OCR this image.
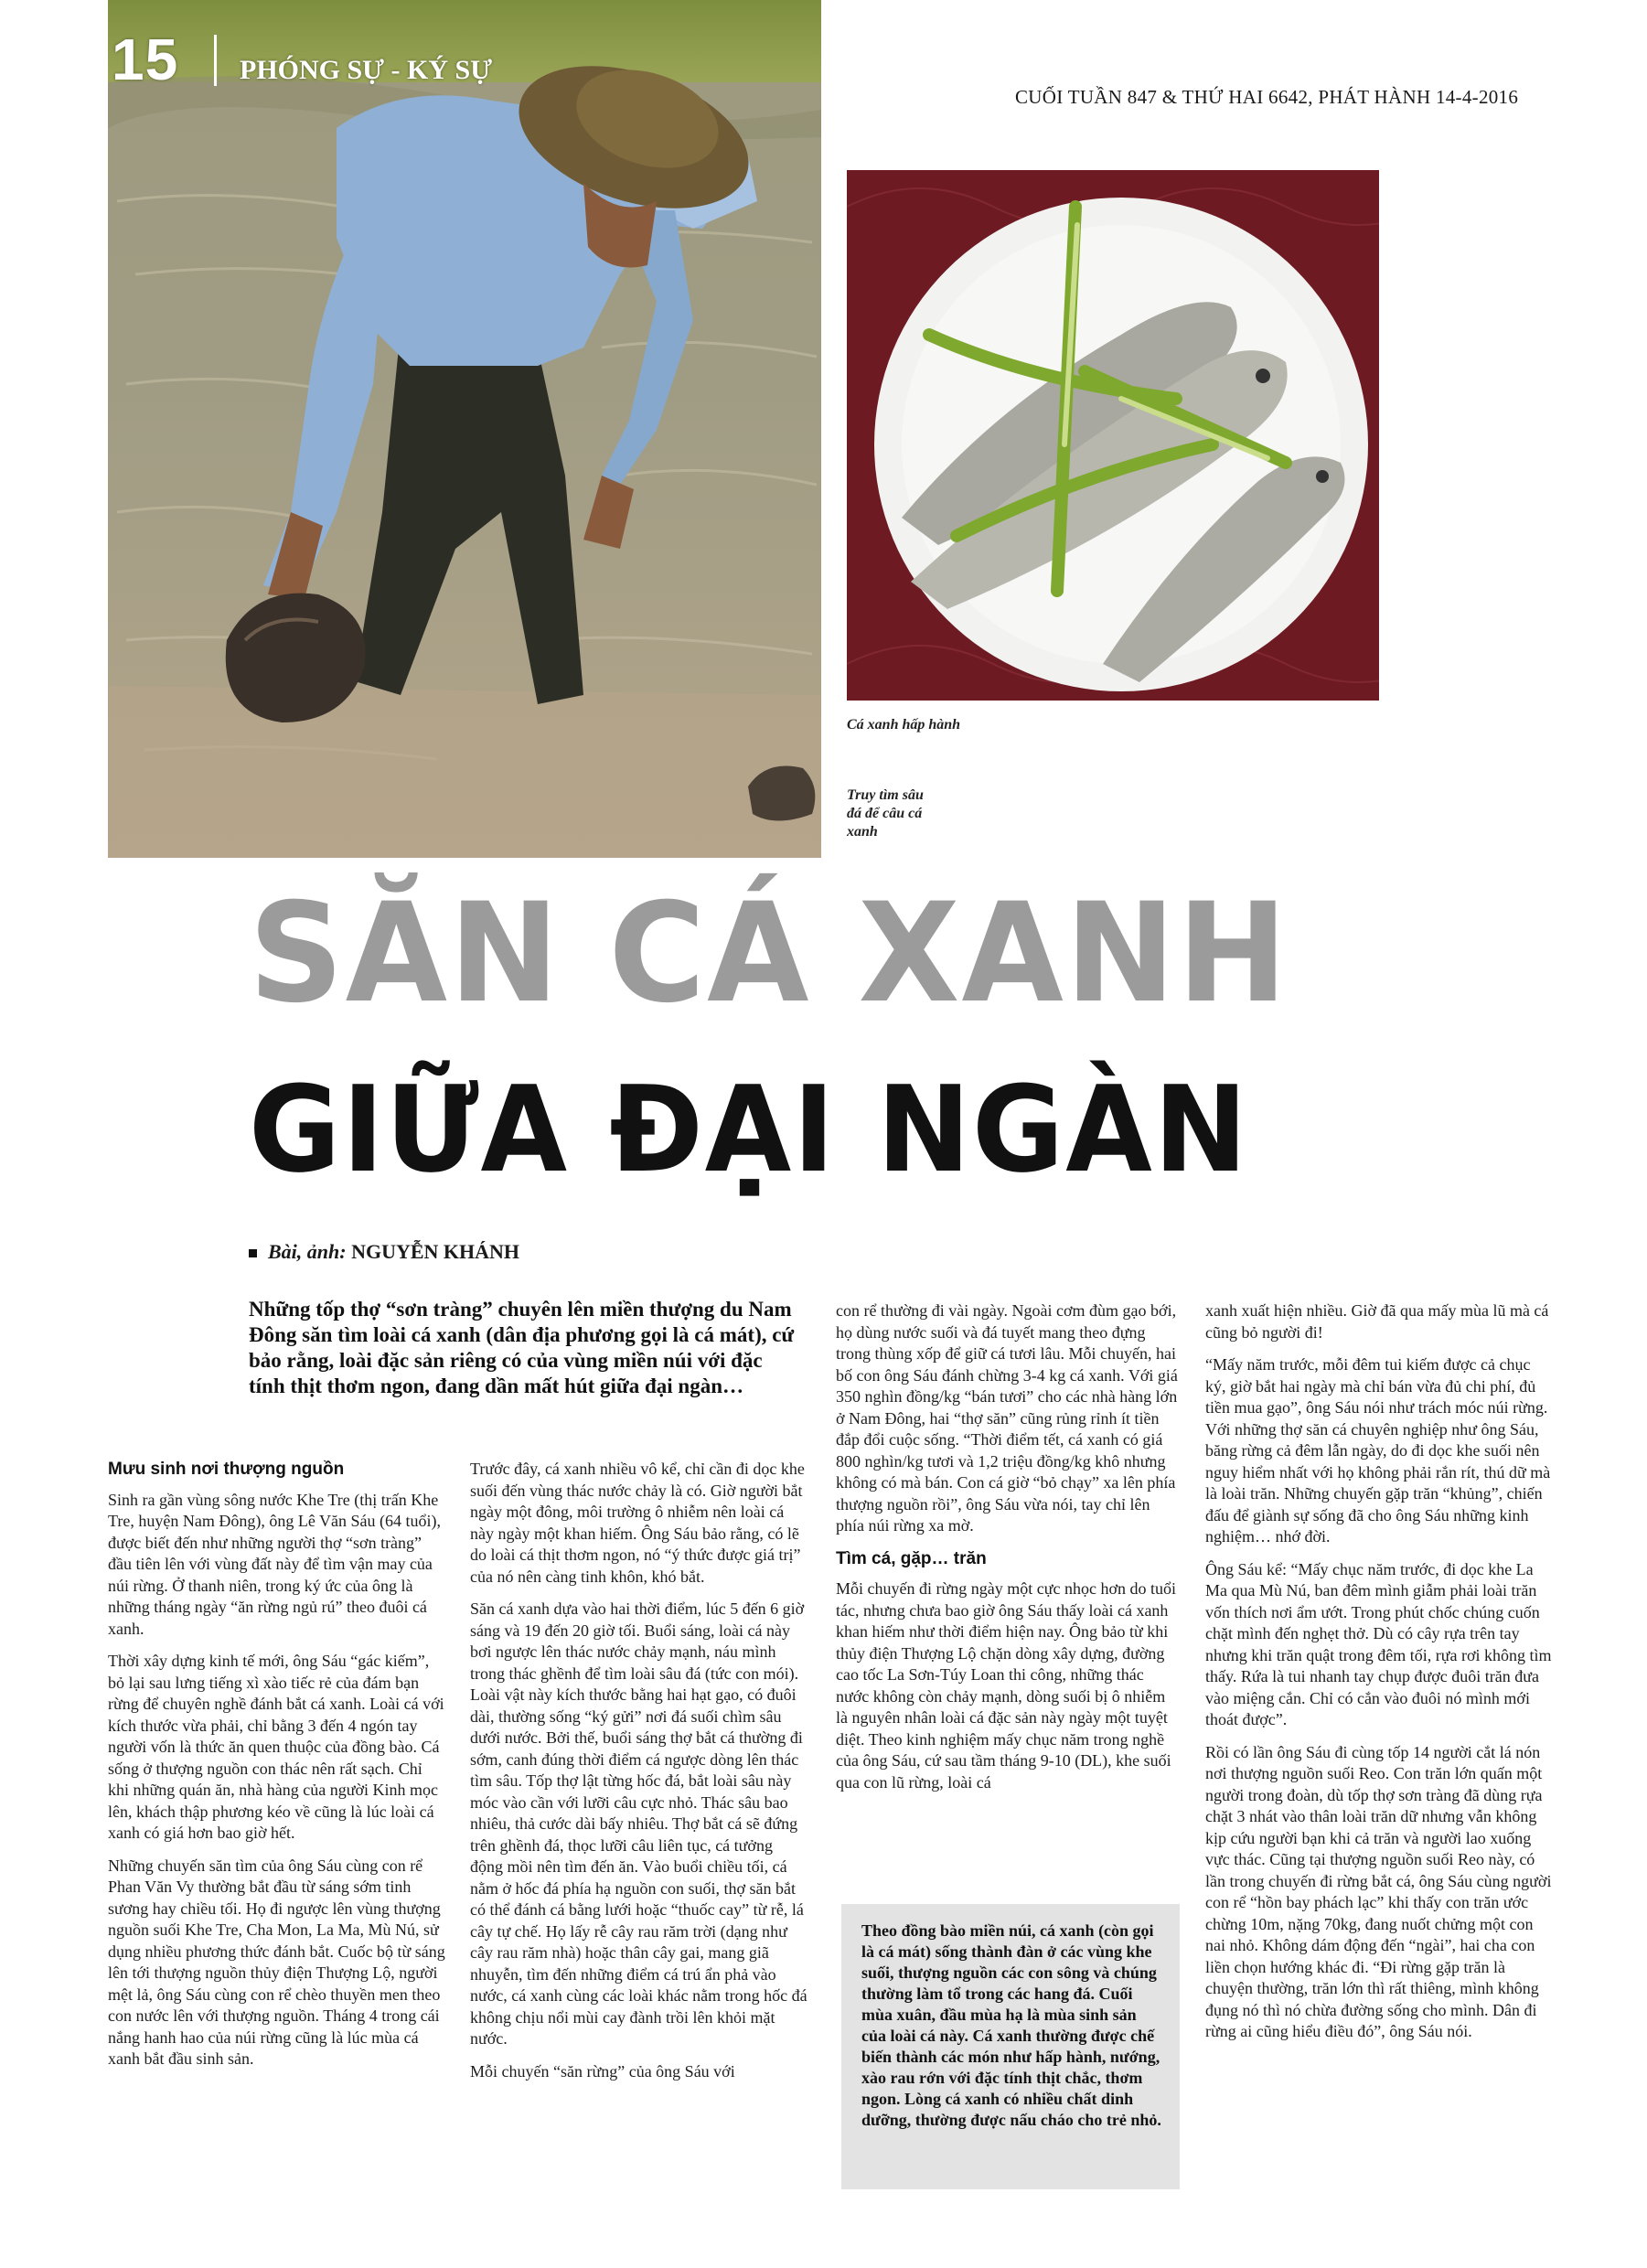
15 PHÓNG SỰ - KÝ SỰ
CUỐI TUẦN 847 & THỨ HAI 6642, PHÁT HÀNH 14-4-2016
Cá xanh hấp hành
Truy tìm sâu đá để câu cá xanh
SĂN CÁ XANH
GIỮA ĐẠI NGÀN
Bài, ảnh: NGUYỄN KHÁNH

Những tốp thợ “sơn tràng” chuyên lên miền thượng du Nam Đông săn tìm loài cá xanh (dân địa phương gọi là cá mát), cứ bảo rằng, loài đặc sản riêng có của vùng miền núi với đặc tính thịt thơm ngon, đang dần mất hút giữa đại ngàn…

Mưu sinh nơi thượng nguồn

Sinh ra gần vùng sông nước Khe Tre (thị trấn Khe Tre, huyện Nam Đông), ông Lê Văn Sáu (64 tuổi), được biết đến như những người thợ “sơn tràng” đầu tiên lên với vùng đất này để tìm vận may của núi rừng. Ở thanh niên, trong ký ức của ông là những tháng ngày “ăn rừng ngủ rú” theo đuôi cá xanh.

Thời xây dựng kinh tế mới, ông Sáu “gác kiếm”, bỏ lại sau lưng tiếng xì xào tiếc rẻ của đám bạn rừng để chuyên nghề đánh bắt cá xanh. Loài cá với kích thước vừa phải, chỉ bằng 3 đến 4 ngón tay người vốn là thức ăn quen thuộc của đồng bào. Cá sống ở thượng nguồn con thác nên rất sạch. Chỉ khi những quán ăn, nhà hàng của người Kinh mọc lên, khách thập phương kéo về cũng là lúc loài cá xanh có giá hơn bao giờ hết.

Những chuyến săn tìm của ông Sáu cùng con rể Phan Văn Vy thường bắt đầu từ sáng sớm tinh sương hay chiều tối. Họ đi ngược lên vùng thượng nguồn suối Khe Tre, Cha Mon, La Ma, Mù Nú, sử dụng nhiều phương thức đánh bắt. Cuốc bộ từ sáng lên tới thượng nguồn thủy điện Thượng Lộ, người mệt lả, ông Sáu cùng con rể chèo thuyền men theo con nước lên với thượng nguồn. Tháng 4 trong cái nắng hanh hao của núi rừng cũng là lúc mùa cá xanh bắt đầu sinh sản.

Trước đây, cá xanh nhiều vô kể, chỉ cần đi dọc khe suối đến vùng thác nước chảy là có. Giờ người bắt ngày một đông, môi trường ô nhiễm nên loài cá này ngày một khan hiếm. Ông Sáu bảo rằng, có lẽ do loài cá thịt thơm ngon, nó “ý thức được giá trị” của nó nên càng tinh khôn, khó bắt.

Săn cá xanh dựa vào hai thời điểm, lúc 5 đến 6 giờ sáng và 19 đến 20 giờ tối. Buổi sáng, loài cá này bơi ngược lên thác nước chảy mạnh, náu mình trong thác ghềnh để tìm loài sâu đá (tức con mói). Loài vật này kích thước bằng hai hạt gạo, có đuôi dài, thường sống “ký gửi” nơi đá suối chìm sâu dưới nước. Bởi thế, buổi sáng thợ bắt cá thường đi sớm, canh đúng thời điểm cá ngược dòng lên thác tìm sâu. Tốp thợ lật từng hốc đá, bắt loài sâu này móc vào cần với lưỡi câu cực nhỏ. Thác sâu bao nhiêu, thả cước dài bấy nhiêu. Thợ bắt cá sẽ đứng trên ghềnh đá, thọc lưỡi câu liên tục, cá tưởng động mồi nên tìm đến ăn. Vào buổi chiều tối, cá nằm ở hốc đá phía hạ nguồn con suối, thợ săn bắt có thể đánh cá bằng lưới hoặc “thuốc cay” từ rễ, lá cây tự chế. Họ lấy rễ cây rau răm trời (dạng như cây rau răm nhà) hoặc thân cây gai, mang giã nhuyễn, tìm đến những điểm cá trú ẩn phả vào nước, cá xanh cùng các loài khác nằm trong hốc đá không chịu nổi mùi cay đành trồi lên khỏi mặt nước.

Mỗi chuyến “săn rừng” của ông Sáu với

con rể thường đi vài ngày. Ngoài cơm đùm gạo bới, họ dùng nước suối và đá tuyết mang theo đựng trong thùng xốp để giữ cá tươi lâu. Mỗi chuyến, hai bố con ông Sáu đánh chừng 3-4 kg cá xanh. Với giá 350 nghìn đồng/kg “bán tươi” cho các nhà hàng lớn ở Nam Đông, hai “thợ săn” cũng rủng rỉnh ít tiền đắp đổi cuộc sống. “Thời điểm tết, cá xanh có giá 800 nghìn/kg tươi và 1,2 triệu đồng/kg khô nhưng không có mà bán. Con cá giờ “bỏ chạy” xa lên phía thượng nguồn rồi”, ông Sáu vừa nói, tay chỉ lên phía núi rừng xa mờ.

Tìm cá, gặp… trăn

Mỗi chuyến đi rừng ngày một cực nhọc hơn do tuổi tác, nhưng chưa bao giờ ông Sáu thấy loài cá xanh khan hiếm như thời điểm hiện nay. Ông bảo từ khi thủy điện Thượng Lộ chặn dòng xây dựng, đường cao tốc La Sơn-Túy Loan thi công, những thác nước không còn chảy mạnh, dòng suối bị ô nhiễm là nguyên nhân loài cá đặc sản này ngày một tuyệt diệt. Theo kinh nghiệm mấy chục năm trong nghề của ông Sáu, cứ sau tầm tháng 9-10 (DL), khe suối qua con lũ rừng, loài cá

Theo đồng bào miền núi, cá xanh (còn gọi là cá mát) sống thành đàn ở các vùng khe suối, thượng nguồn các con sông và chúng thường làm tổ trong các hang đá. Cuối mùa xuân, đầu mùa hạ là mùa sinh sản của loài cá này. Cá xanh thường được chế biến thành các món như hấp hành, nướng, xào rau rớn với đặc tính thịt chắc, thơm ngon. Lòng cá xanh có nhiều chất dinh dưỡng, thường được nấu cháo cho trẻ nhỏ.

xanh xuất hiện nhiều. Giờ đã qua mấy mùa lũ mà cá cũng bỏ người đi!

“Mấy năm trước, mỗi đêm tui kiếm được cả chục ký, giờ bắt hai ngày mà chỉ bán vừa đủ chi phí, đủ tiền mua gạo”, ông Sáu nói như trách móc núi rừng. Với những thợ săn cá chuyên nghiệp như ông Sáu, băng rừng cả đêm lẫn ngày, do đi dọc khe suối nên nguy hiểm nhất với họ không phải rắn rít, thú dữ mà là loài trăn. Những chuyến gặp trăn “khủng”, chiến đấu để giành sự sống đã cho ông Sáu những kinh nghiệm… nhớ đời.

Ông Sáu kể: “Mấy chục năm trước, đi dọc khe La Ma qua Mù Nú, ban đêm mình giẫm phải loài trăn vốn thích nơi ẩm ướt. Trong phút chốc chúng cuốn chặt mình đến nghẹt thở. Dù có cây rựa trên tay nhưng khi trăn quật trong đêm tối, rựa rơi không tìm thấy. Rứa là tui nhanh tay chụp được đuôi trăn đưa vào miệng cắn. Chỉ có cắn vào đuôi nó mình mới thoát được”.

Rồi có lần ông Sáu đi cùng tốp 14 người cắt lá nón nơi thượng nguồn suối Reo. Con trăn lớn quấn một người trong đoàn, dù tốp thợ sơn tràng đã dùng rựa chặt 3 nhát vào thân loài trăn dữ nhưng vẫn không kịp cứu người bạn khi cả trăn và người lao xuống vực thác. Cũng tại thượng nguồn suối Reo này, có lần trong chuyến đi rừng bắt cá, ông Sáu cùng người con rể “hồn bay phách lạc” khi thấy con trăn ước chừng 10m, nặng 70kg, đang nuốt chửng một con nai nhỏ. Không dám động đến “ngài”, hai cha con liền chọn hướng khác đi. “Đi rừng gặp trăn là chuyện thường, trăn lớn thì rất thiêng, mình không đụng nó thì nó chừa đường sống cho mình. Dân đi rừng ai cũng hiểu điều đó”, ông Sáu nói.
